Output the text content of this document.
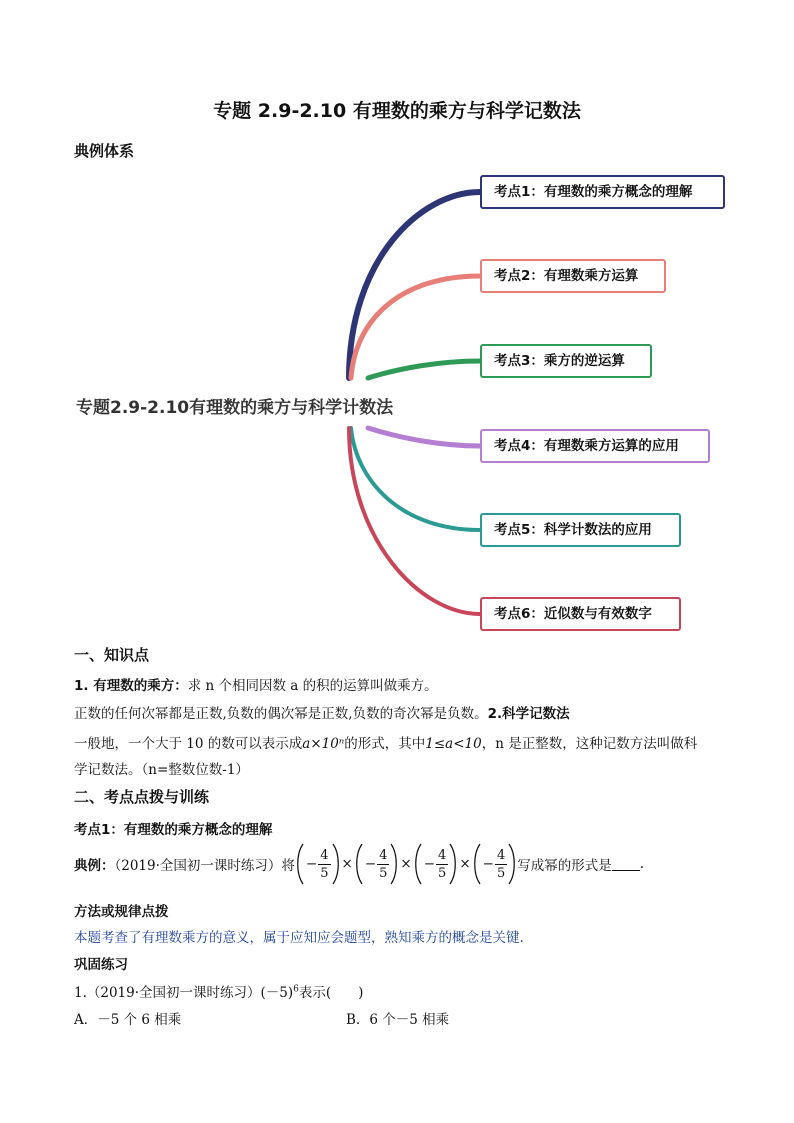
专题 2.9-2.10 有理数的乘方与科学记数法
典例体系
专题2.9-2.10有理数的乘方与科学计数法
考点1：有理数的乘方概念的理解
考点2：有理数乘方运算
考点3：乘方的逆运算
考点4：有理数乘方运算的应用
考点5：科学计数法的应用
考点6：近似数与有效数字
一、知识点
1. 有理数的乘方：求 n 个相同因数 a 的积的运算叫做乘方。
正数的任何次幂都是正数,负数的偶次幂是正数,负数的奇次幂是负数。2.科学记数法
一般地，一个大于 10 的数可以表示成a×10ⁿ的形式，其中1≤a<10，n 是正整数，这种记数方法叫做科
学记数法。（n=整数位数-1）
二、考点点拨与训练
考点1：有理数的乘方概念的理解
典例：（2019·全国初一课时练习）将 − $\frac{4}{5}$ × − $\frac{4}{5}$ × − $\frac{4}{5}$ × − $\frac{4}{5}$ 写成幂的形式是 .
方法或规律点拨
本题考查了有理数乘方的意义，属于应知应会题型，熟知乘方的概念是关键.
巩固练习
1.（2019·全国初一课时练习）$(-5)^6$表示(　　)
A．－5 个 6 相乘	B．6 个－5 相乘
